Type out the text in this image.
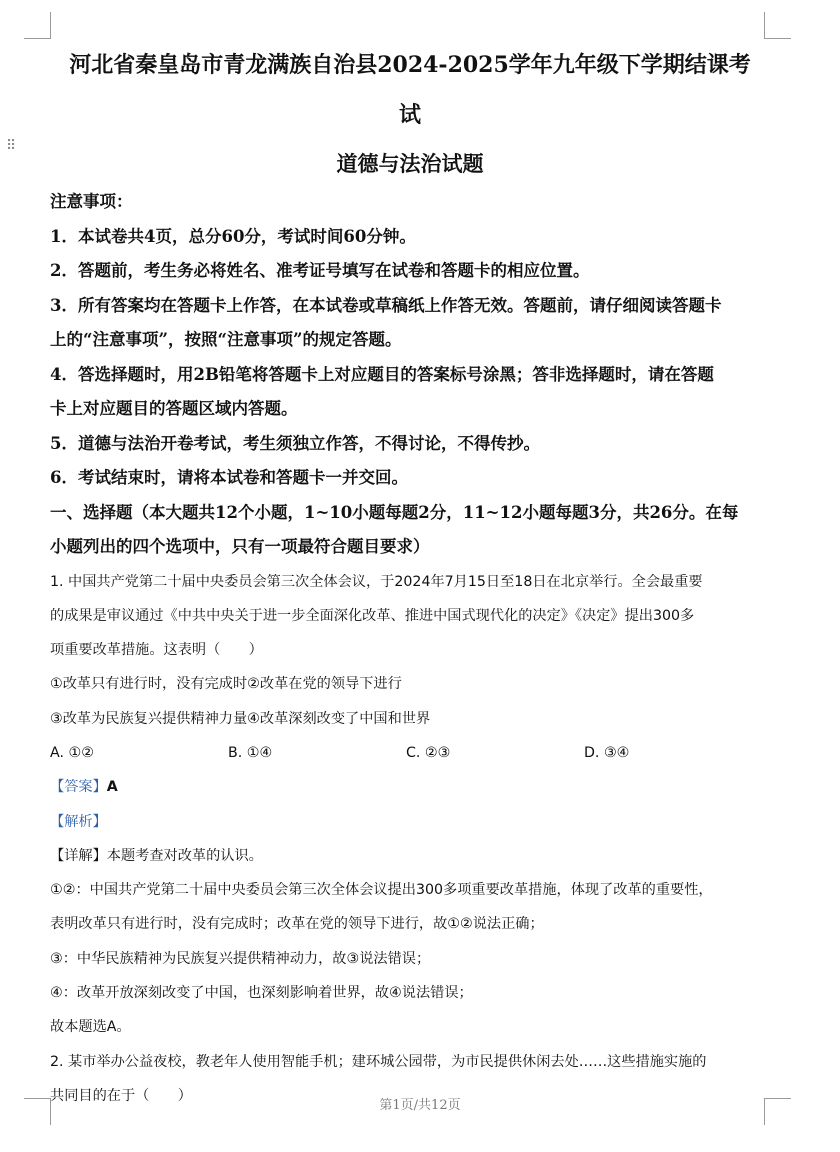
⠿
河北省秦皇岛市青龙满族自治县2024-2025学年九年级下学期结课考
试
道德与法治试题

注意事项：

1．本试卷共4页，总分60分，考试时间60分钟。

2．答题前，考生务必将姓名、准考证号填写在试卷和答题卡的相应位置。

3．所有答案均在答题卡上作答，在本试卷或草稿纸上作答无效。答题前，请仔细阅读答题卡

上的“注意事项”，按照“注意事项”的规定答题。

4．答选择题时，用2B铅笔将答题卡上对应题目的答案标号涂黑；答非选择题时，请在答题

卡上对应题目的答题区域内答题。

5．道德与法治开卷考试，考生须独立作答，不得讨论，不得传抄。

6．考试结束时，请将本试卷和答题卡一并交回。

一、选择题（本大题共12个小题，1~10小题每题2分，11~12小题每题3分，共26分。在每

小题列出的四个选项中，只有一项最符合题目要求）

1. 中国共产党第二十届中央委员会第三次全体会议，于2024年7月15日至18日在北京举行。全会最重要

的成果是审议通过《中共中央关于进一步全面深化改革、推进中国式现代化的决定》《决定》提出300多

项重要改革措施。这表明（　　）

①改革只有进行时，没有完成时②改革在党的领导下进行

③改革为民族复兴提供精神力量④改革深刻改变了中国和世界

A. ①②	B. ①④	C. ②③	D. ③④

【答案】A

【解析】

【详解】本题考查对改革的认识。

①②：中国共产党第二十届中央委员会第三次全体会议提出300多项重要改革措施，体现了改革的重要性，

表明改革只有进行时，没有完成时；改革在党的领导下进行，故①②说法正确；

③：中华民族精神为民族复兴提供精神动力，故③说法错误；

④：改革开放深刻改变了中国，也深刻影响着世界，故④说法错误；

故本题选A。

2. 某市举办公益夜校，教老年人使用智能手机；建环城公园带，为市民提供休闲去处……这些措施实施的

共同目的在于（　　）

第1页/共12页
